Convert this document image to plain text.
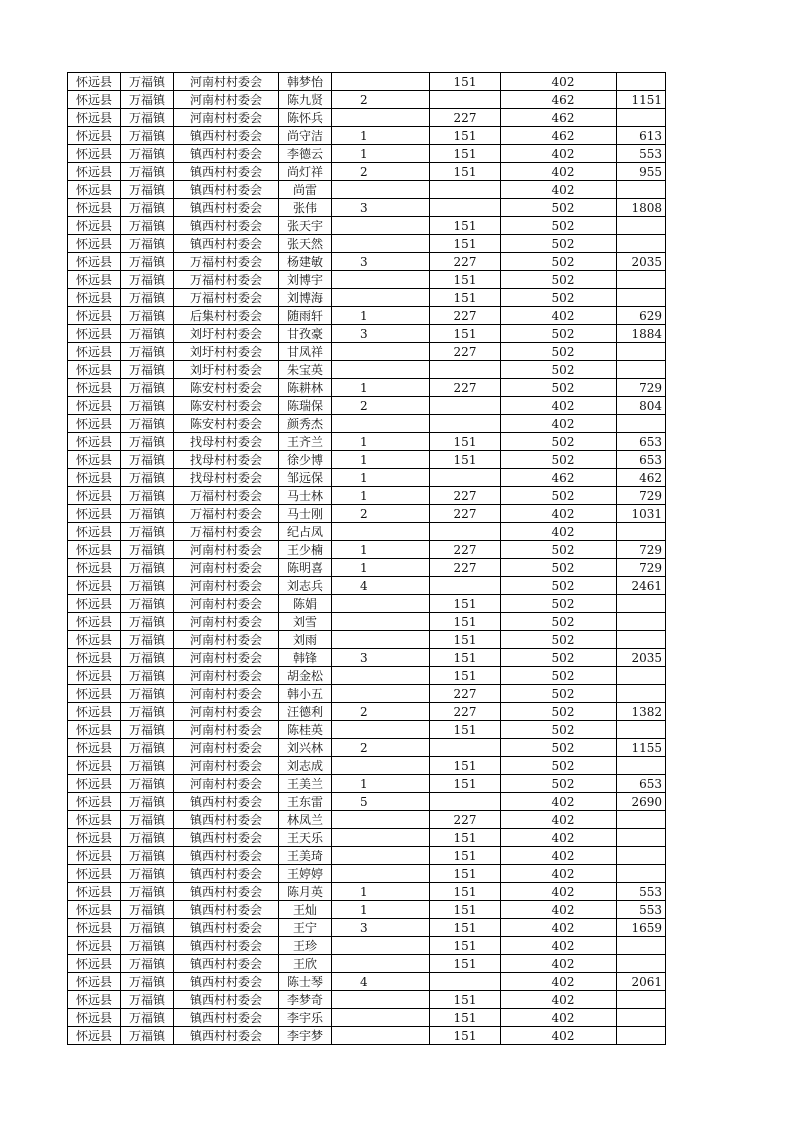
怀远县	万福镇	河南村村委会	韩梦怡		151	402	
怀远县	万福镇	河南村村委会	陈九贤	2		462	1151
怀远县	万福镇	河南村村委会	陈怀兵		227	462	
怀远县	万福镇	镇西村村委会	尚守洁	1	151	462	613
怀远县	万福镇	镇西村村委会	李德云	1	151	402	553
怀远县	万福镇	镇西村村委会	尚灯祥	2	151	402	955
怀远县	万福镇	镇西村村委会	尚雷			402	
怀远县	万福镇	镇西村村委会	张伟	3		502	1808
怀远县	万福镇	镇西村村委会	张天宇		151	502	
怀远县	万福镇	镇西村村委会	张天然		151	502	
怀远县	万福镇	万福村村委会	杨建敏	3	227	502	2035
怀远县	万福镇	万福村村委会	刘博宇		151	502	
怀远县	万福镇	万福村村委会	刘博海		151	502	
怀远县	万福镇	后集村村委会	随雨轩	1	227	402	629
怀远县	万福镇	刘圩村村委会	甘孜豪	3	151	502	1884
怀远县	万福镇	刘圩村村委会	甘凤祥		227	502	
怀远县	万福镇	刘圩村村委会	朱宝英			502	
怀远县	万福镇	陈安村村委会	陈耕林	1	227	502	729
怀远县	万福镇	陈安村村委会	陈瑞保	2		402	804
怀远县	万福镇	陈安村村委会	颜秀杰			402	
怀远县	万福镇	找母村村委会	王齐兰	1	151	502	653
怀远县	万福镇	找母村村委会	徐少博	1	151	502	653
怀远县	万福镇	找母村村委会	邹远保	1		462	462
怀远县	万福镇	万福村村委会	马士林	1	227	502	729
怀远县	万福镇	万福村村委会	马士刚	2	227	402	1031
怀远县	万福镇	万福村村委会	纪占凤			402	
怀远县	万福镇	河南村村委会	王少楠	1	227	502	729
怀远县	万福镇	河南村村委会	陈明喜	1	227	502	729
怀远县	万福镇	河南村村委会	刘志兵	4		502	2461
怀远县	万福镇	河南村村委会	陈娟		151	502	
怀远县	万福镇	河南村村委会	刘雪		151	502	
怀远县	万福镇	河南村村委会	刘雨		151	502	
怀远县	万福镇	河南村村委会	韩锋	3	151	502	2035
怀远县	万福镇	河南村村委会	胡金松		151	502	
怀远县	万福镇	河南村村委会	韩小五		227	502	
怀远县	万福镇	河南村村委会	汪德利	2	227	502	1382
怀远县	万福镇	河南村村委会	陈桂英		151	502	
怀远县	万福镇	河南村村委会	刘兴林	2		502	1155
怀远县	万福镇	河南村村委会	刘志成		151	502	
怀远县	万福镇	河南村村委会	王美兰	1	151	502	653
怀远县	万福镇	镇西村村委会	王东雷	5		402	2690
怀远县	万福镇	镇西村村委会	林凤兰		227	402	
怀远县	万福镇	镇西村村委会	王天乐		151	402	
怀远县	万福镇	镇西村村委会	王美琦		151	402	
怀远县	万福镇	镇西村村委会	王婷婷		151	402	
怀远县	万福镇	镇西村村委会	陈月英	1	151	402	553
怀远县	万福镇	镇西村村委会	王灿	1	151	402	553
怀远县	万福镇	镇西村村委会	王宁	3	151	402	1659
怀远县	万福镇	镇西村村委会	王珍		151	402	
怀远县	万福镇	镇西村村委会	王欣		151	402	
怀远县	万福镇	镇西村村委会	陈士琴	4		402	2061
怀远县	万福镇	镇西村村委会	李梦奇		151	402	
怀远县	万福镇	镇西村村委会	李宇乐		151	402	
怀远县	万福镇	镇西村村委会	李宇梦		151	402	
